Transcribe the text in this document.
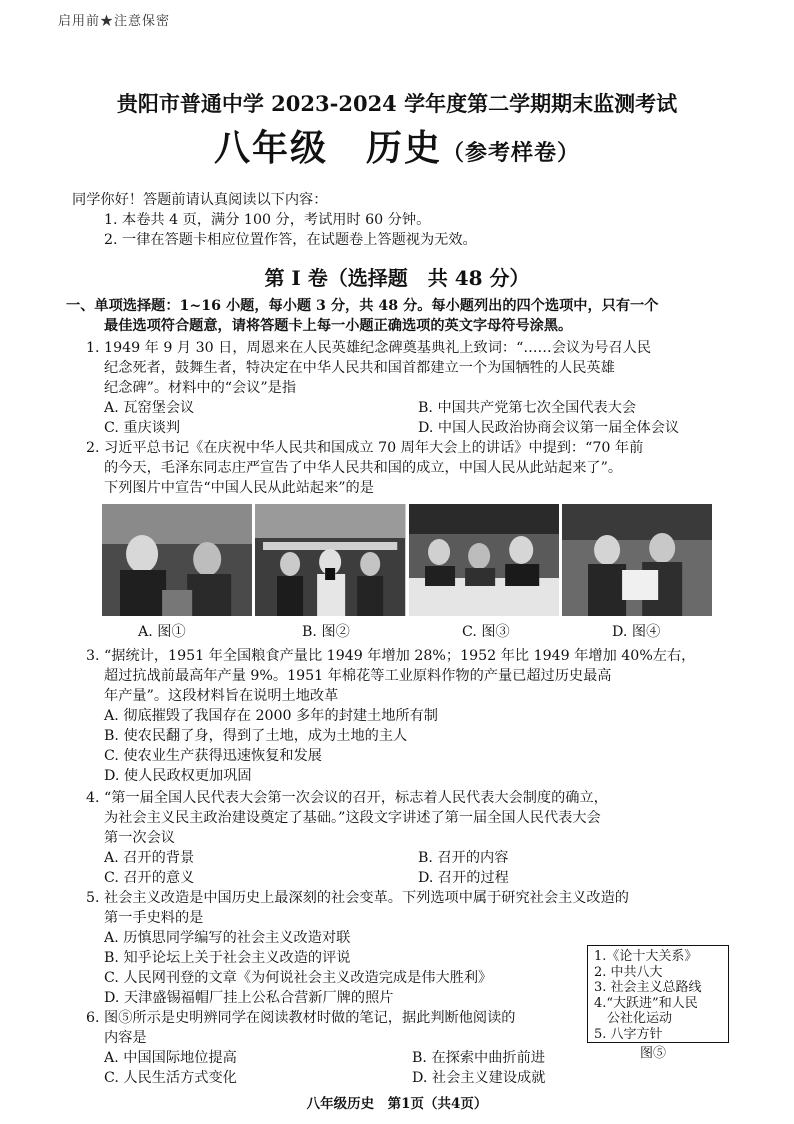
启用前★注意保密
贵阳市普通中学 2023-2024 学年度第二学期期末监测考试
八年级　历史（参考样卷）
同学你好！答题前请认真阅读以下内容：
1. 本卷共 4 页，满分 100 分，考试用时 60 分钟。
2. 一律在答题卡相应位置作答，在试题卷上答题视为无效。
第 I 卷（选择题　共 48 分）
一、单项选择题：1~16 小题，每小题 3 分，共 48 分。每小题列出的四个选项中，只有一个
最佳选项符合题意，请将答题卡上每一小题正确选项的英文字母符号涂黑。
1. 1949 年 9 月 30 日，周恩来在人民英雄纪念碑奠基典礼上致词：“……会议为号召人民
纪念死者，鼓舞生者，特决定在中华人民共和国首都建立一个为国牺牲的人民英雄
纪念碑”。材料中的“会议”是指
A. 瓦窑堡会议	B. 中国共产党第七次全国代表大会
C. 重庆谈判	D. 中国人民政治协商会议第一届全体会议
2. 习近平总书记《在庆祝中华人民共和国成立 70 周年大会上的讲话》中提到：“70 年前
的今天，毛泽东同志庄严宣告了中华人民共和国的成立，中国人民从此站起来了”。
下列图片中宣告“中国人民从此站起来”的是
A. 图①	B. 图②	C. 图③	D. 图④
3. “据统计，1951 年全国粮食产量比 1949 年增加 28%；1952 年比 1949 年增加 40%左右，
超过抗战前最高年产量 9%。1951 年棉花等工业原料作物的产量已超过历史最高
年产量”。这段材料旨在说明土地改革
A. 彻底摧毁了我国存在 2000 多年的封建土地所有制
B. 使农民翻了身，得到了土地，成为土地的主人
C. 使农业生产获得迅速恢复和发展
D. 使人民政权更加巩固
4. “第一届全国人民代表大会第一次会议的召开，标志着人民代表大会制度的确立，
为社会主义民主政治建设奠定了基础。”这段文字讲述了第一届全国人民代表大会
第一次会议
A. 召开的背景	B. 召开的内容
C. 召开的意义	D. 召开的过程
5. 社会主义改造是中国历史上最深刻的社会变革。下列选项中属于研究社会主义改造的
第一手史料的是
A. 历慎思同学编写的社会主义改造对联
B. 知乎论坛上关于社会主义改造的评说
C. 人民网刊登的文章《为何说社会主义改造完成是伟大胜利》
D. 天津盛锡福帽厂挂上公私合营新厂牌的照片
6. 图⑤所示是史明辨同学在阅读教材时做的笔记，据此判断他阅读的
内容是
A. 中国国际地位提高	B. 在探索中曲折前进
1.《论十大关系》
2. 中共八大
3. 社会主义总路线
4.“大跃进”和人民
　公社化运动
5. 八字方针
图⑤
八年级历史　第1页（共4页）
C. 人民生活方式变化	D. 社会主义建设成就
